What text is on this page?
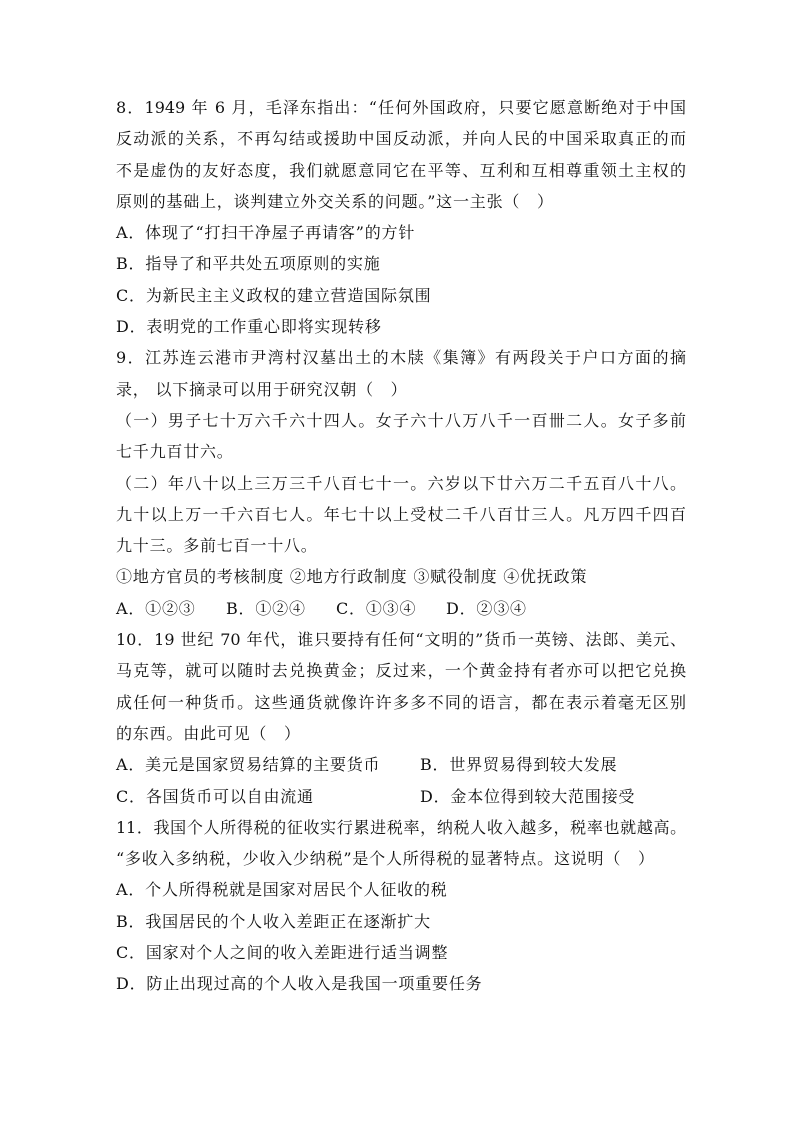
8．1949 年 6 月，毛泽东指出：“任何外国政府，只要它愿意断绝对于中国
反动派的关系，不再勾结或援助中国反动派，并向人民的中国采取真正的而
不是虚伪的友好态度，我们就愿意同它在平等、互利和互相尊重领土主权的
原则的基础上，谈判建立外交关系的问题。”这一主张（　）
A．体现了“打扫干净屋子再请客”的方针
B．指导了和平共处五项原则的实施
C．为新民主主义政权的建立营造国际氛围
D．表明党的工作重心即将实现转移
9．江苏连云港市尹湾村汉墓出土的木牍《集簿》有两段关于户口方面的摘
录， 以下摘录可以用于研究汉朝（　）
（一）男子七十万六千六十四人。女子六十八万八千一百卌二人。女子多前
七千九百廿六。
（二）年八十以上三万三千八百七十一。六岁以下廿六万二千五百八十八。
九十以上万一千六百七人。年七十以上受杖二千八百廿三人。凡万四千四百
九十三。多前七百一十八。
①地方官员的考核制度 ②地方行政制度 ③赋役制度 ④优抚政策
A．①②③ B．①②④ C．①③④ D．②③④
10．19 世纪 70 年代，谁只要持有任何“文明的”货币一英镑、法郎、美元、
马克等，就可以随时去兑换黄金；反过来，一个黄金持有者亦可以把它兑换
成任何一种货币。这些通货就像许许多多不同的语言，都在表示着毫无区别
的东西。由此可见（　）
A．美元是国家贸易结算的主要货币 B．世界贸易得到较大发展
C．各国货币可以自由流通	D．金本位得到较大范围接受
11．我国个人所得税的征收实行累进税率，纳税人收入越多，税率也就越高。
“多收入多纳税，少收入少纳税”是个人所得税的显著特点。这说明（　）
A．个人所得税就是国家对居民个人征收的税
B．我国居民的个人收入差距正在逐渐扩大
C．国家对个人之间的收入差距进行适当调整
D．防止出现过高的个人收入是我国一项重要任务
